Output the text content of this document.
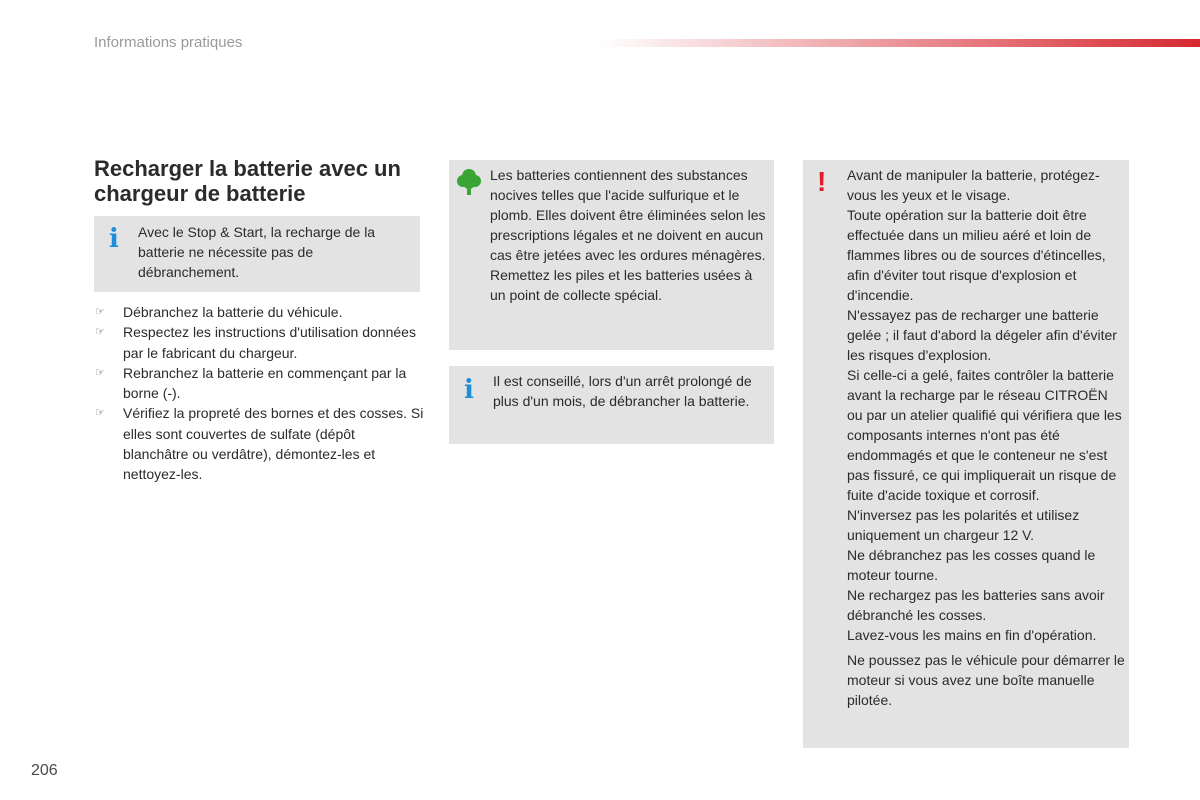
Informations pratiques
Recharger la batterie avec un chargeur de batterie
i Avec le Stop & Start, la recharge de la batterie ne nécessite pas de débranchement.
☞ Débranchez la batterie du véhicule.
☞ Respectez les instructions d'utilisation données par le fabricant du chargeur.
☞ Rebranchez la batterie en commençant par la borne (-).
☞ Vérifiez la propreté des bornes et des cosses. Si elles sont couvertes de sulfate (dépôt blanchâtre ou verdâtre), démontez-les et nettoyez-les.
Les batteries contiennent des substances nocives telles que l'acide sulfurique et le plomb. Elles doivent être éliminées selon les prescriptions légales et ne doivent en aucun cas être jetées avec les ordures ménagères. Remettez les piles et les batteries usées à un point de collecte spécial.
i Il est conseillé, lors d'un arrêt prolongé de plus d'un mois, de débrancher la batterie.
! Avant de manipuler la batterie, protégez-vous les yeux et le visage.

Toute opération sur la batterie doit être effectuée dans un milieu aéré et loin de flammes libres ou de sources d'étincelles, afin d'éviter tout risque d'explosion et d'incendie.

N'essayez pas de recharger une batterie gelée ; il faut d'abord la dégeler afin d'éviter les risques d'explosion.

Si celle-ci a gelé, faites contrôler la batterie avant la recharge par le réseau CITROËN ou par un atelier qualifié qui vérifiera que les composants internes n'ont pas été endommagés et que le conteneur ne s'est pas fissuré, ce qui impliquerait un risque de fuite d'acide toxique et corrosif.

N'inversez pas les polarités et utilisez uniquement un chargeur 12 V.

Ne débranchez pas les cosses quand le moteur tourne.

Ne rechargez pas les batteries sans avoir débranché les cosses.

Lavez-vous les mains en fin d'opération.

Ne poussez pas le véhicule pour démarrer le moteur si vous avez une boîte manuelle pilotée.

206
